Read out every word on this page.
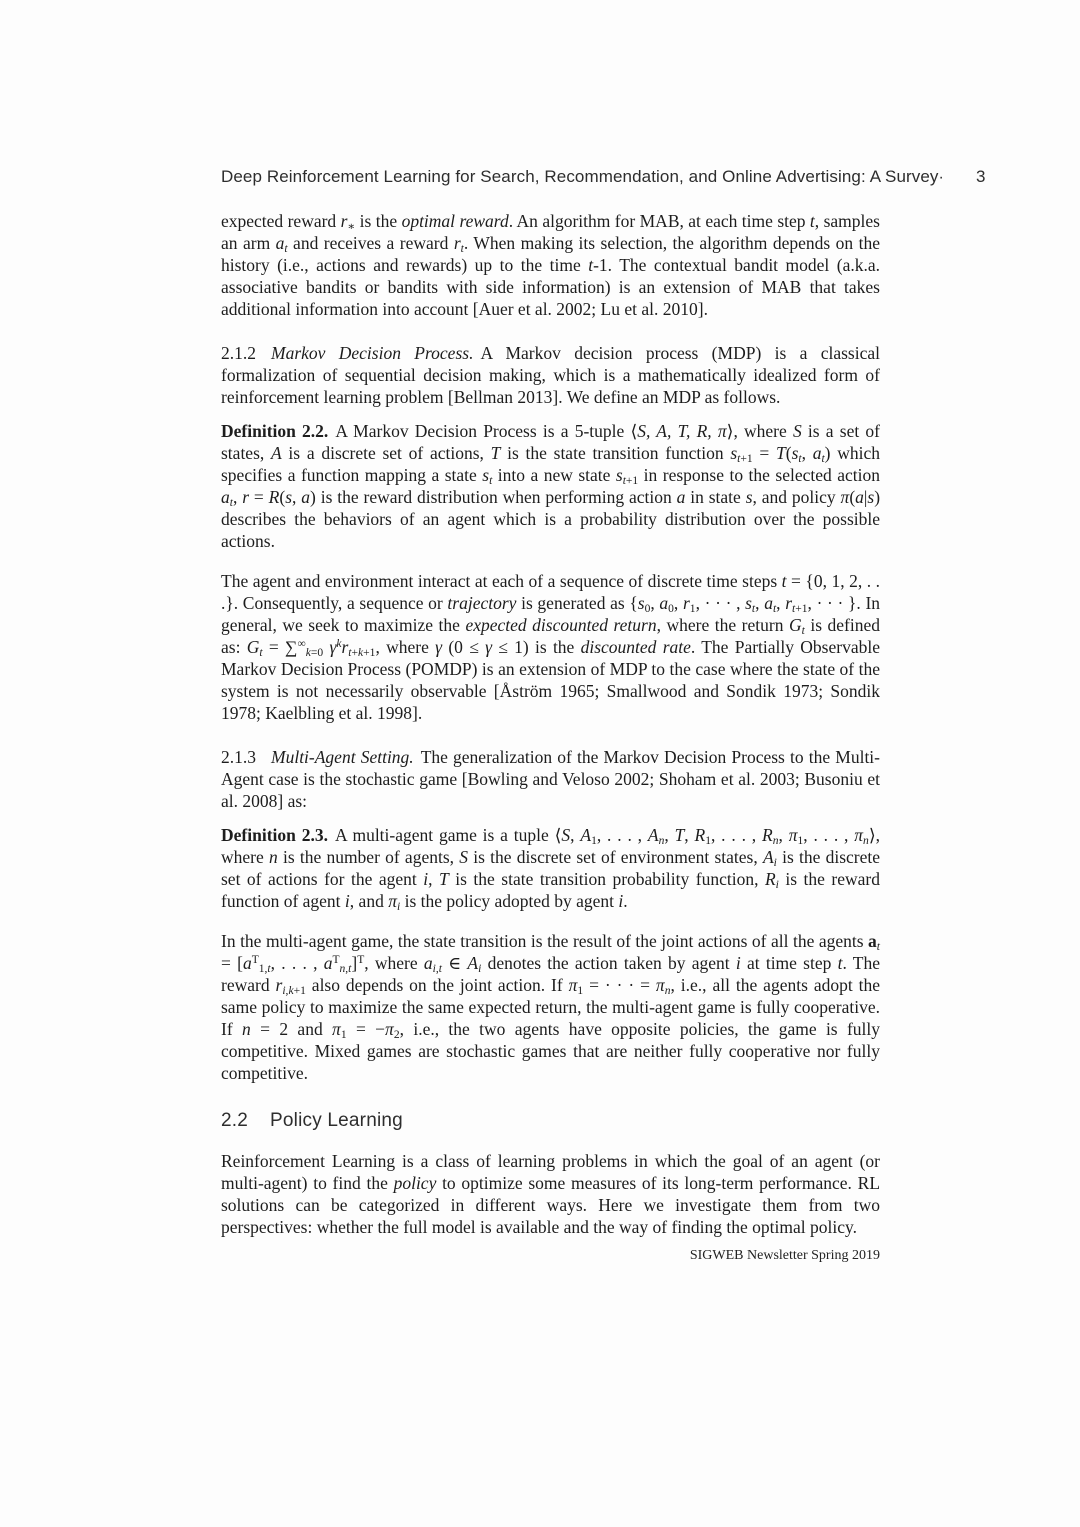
Deep Reinforcement Learning for Search, Recommendation, and Online Advertising: A Survey · 3

expected reward $r_∗$ is the optimal reward. An algorithm for MAB, at each time step t, samples an arm $a_t$ and receives a reward $r_t$. When making its selection, the algorithm depends on the history (i.e., actions and rewards) up to the time t-1. The contextual bandit model (a.k.a. associative bandits or bandits with side information) is an extension of MAB that takes additional information into account [Auer et al. 2002; Lu et al. 2010].

2.1.2 Markov Decision Process. A Markov decision process (MDP) is a classical formalization of sequential decision making, which is a mathematically idealized form of reinforcement learning problem [Bellman 2013]. We define an MDP as follows.

Definition 2.2. A Markov Decision Process is a 5-tuple ⟨S, A, T, R, π⟩, where S is a set of states, A is a discrete set of actions, T is the state transition function $s_{t+1} = T(s_t$, $a_t$) which specifies a function mapping a state $s_t$ into a new state $s_{t+1}$ in response to the selected action $a_t$, r = R(s, a) is the reward distribution when performing action a in state s, and policy π(a|s) describes the behaviors of an agent which is a probability distribution over the possible actions.

The agent and environment interact at each of a sequence of discrete time steps t = {0, 1, 2, . . .}. Consequently, a sequence or trajectory is generated as {$s_0$, $a_0$, $r_1$, · · · , $s_t$, $a_t$, $r_{t+1}$, · · · }. In general, we seek to maximize the expected discounted return, where the return $G_t$ is defined as: $G_t = \sum^\infty_{k=0}$ $\gamma^kr_{t+k+1}$, where γ (0 ≤ γ ≤ 1) is the discounted rate. The Partially Observable Markov Decision Process (POMDP) is an extension of MDP to the case where the state of the system is not necessarily observable [Åström 1965; Smallwood and Sondik 1973; Sondik 1978; Kaelbling et al. 1998].

2.1.3 Multi-Agent Setting. The generalization of the Markov Decision Process to the Multi-Agent case is the stochastic game [Bowling and Veloso 2002; Shoham et al. 2003; Busoniu et al. 2008] as:

Definition 2.3. A multi-agent game is a tuple ⟨S, $A_1$, . . . , $A_n$, T, $R_1$, . . . , $R_n$, $\pi_1$, . . . , $\pi_n⟩$, where n is the number of agents, S is the discrete set of environment states, $A_i$ is the discrete set of actions for the agent i, T is the state transition probability function, $R_i$ is the reward function of agent i, and $\pi_i$ is the policy adopted by agent i.

In the multi-agent game, the state transition is the result of the joint actions of all the agents $a_t = [a^T_{1,t}$, . . . , $a^T_{n,t}]^T$, where $a_{i,t}$ ∈ $A_i$ denotes the action taken by agent i at time step t. The reward $r_{i,k+1}$ also depends on the joint action. If $\pi_1$ = · · · = $\pi_n$, i.e., all the agents adopt the same policy to maximize the same expected return, the multi-agent game is fully cooperative. If n = 2 and $\pi_1 = -\pi_2$, i.e., the two agents have opposite policies, the game is fully competitive. Mixed games are stochastic games that are neither fully cooperative nor fully competitive.

2.2 Policy Learning

Reinforcement Learning is a class of learning problems in which the goal of an agent (or multi-agent) to find the policy to optimize some measures of its long-term performance. RL solutions can be categorized in different ways. Here we investigate them from two perspectives: whether the full model is available and the way of finding the optimal policy.

SIGWEB Newsletter Spring 2019
